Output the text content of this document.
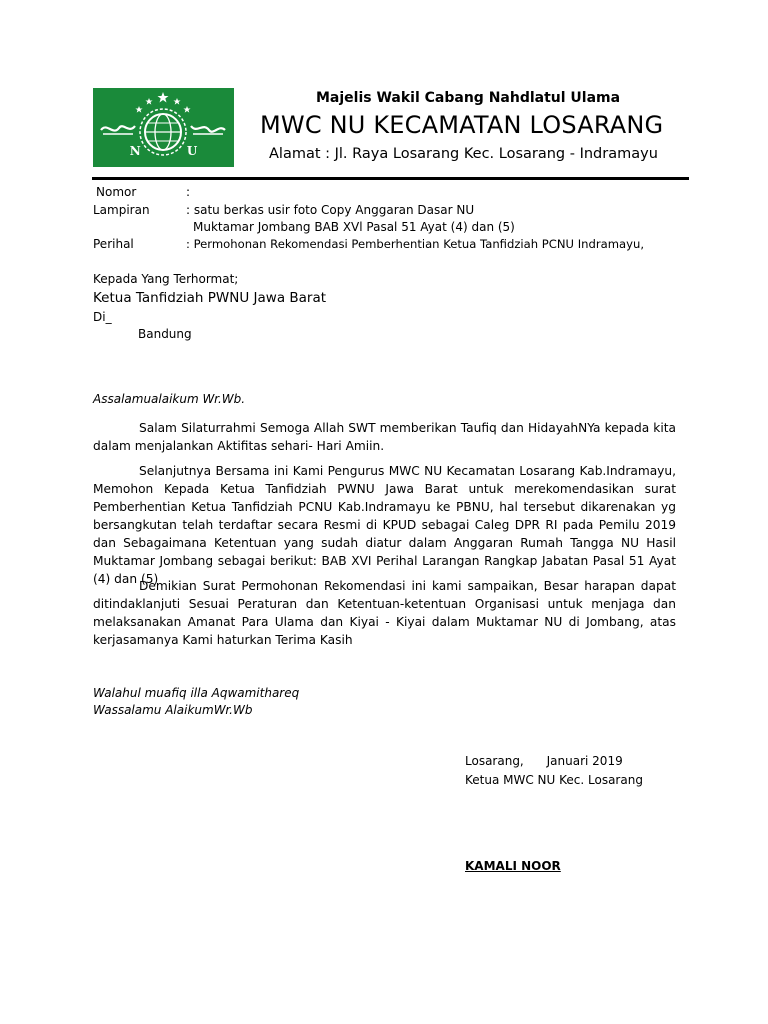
N U
Majelis Wakil Cabang Nahdlatul Ulama
MWC NU KECAMATAN LOSARANG
Alamat : Jl. Raya Losarang Kec. Losarang - Indramayu
Nomor	:
Lampiran	: satu berkas usir foto Copy Anggaran Dasar NU
Muktamar Jombang BAB XVl Pasal 51 Ayat (4) dan (5)
Perihal	: Permohonan Rekomendasi Pemberhentian Ketua Tanfidziah PCNU Indramayu,
Kepada Yang Terhormat;
Ketua Tanfidziah PWNU Jawa Barat
Di_
Bandung
Assalamualaikum Wr.Wb.
Salam Silaturrahmi Semoga Allah SWT memberikan Taufiq dan HidayahNYa kepada kita dalam menjalankan Aktifitas sehari- Hari Amiin.
Selanjutnya Bersama ini Kami Pengurus MWC NU Kecamatan Losarang Kab.Indramayu, Memohon Kepada Ketua Tanfidziah PWNU Jawa Barat untuk merekomendasikan surat Pemberhentian Ketua Tanfidziah PCNU Kab.Indramayu ke PBNU, hal tersebut dikarenakan yg bersangkutan telah terdaftar secara Resmi di KPUD sebagai Caleg DPR RI pada Pemilu 2019 dan Sebagaimana Ketentuan yang sudah diatur dalam Anggaran Rumah Tangga NU Hasil Muktamar Jombang sebagai berikut: BAB XVI Perihal Larangan Rangkap Jabatan Pasal 51 Ayat (4) dan (5)
Demikian Surat Permohonan Rekomendasi ini kami sampaikan, Besar harapan dapat ditindaklanjuti Sesuai Peraturan dan Ketentuan-ketentuan Organisasi untuk menjaga dan melaksanakan Amanat Para Ulama dan Kiyai - Kiyai dalam Muktamar NU di Jombang, atas kerjasamanya Kami haturkan Terima Kasih
Walahul muafiq illa Aqwamithareq
Wassalamu AlaikumWr.Wb
Losarang,      Januari 2019
Ketua MWC NU Kec. Losarang
KAMALI NOOR
